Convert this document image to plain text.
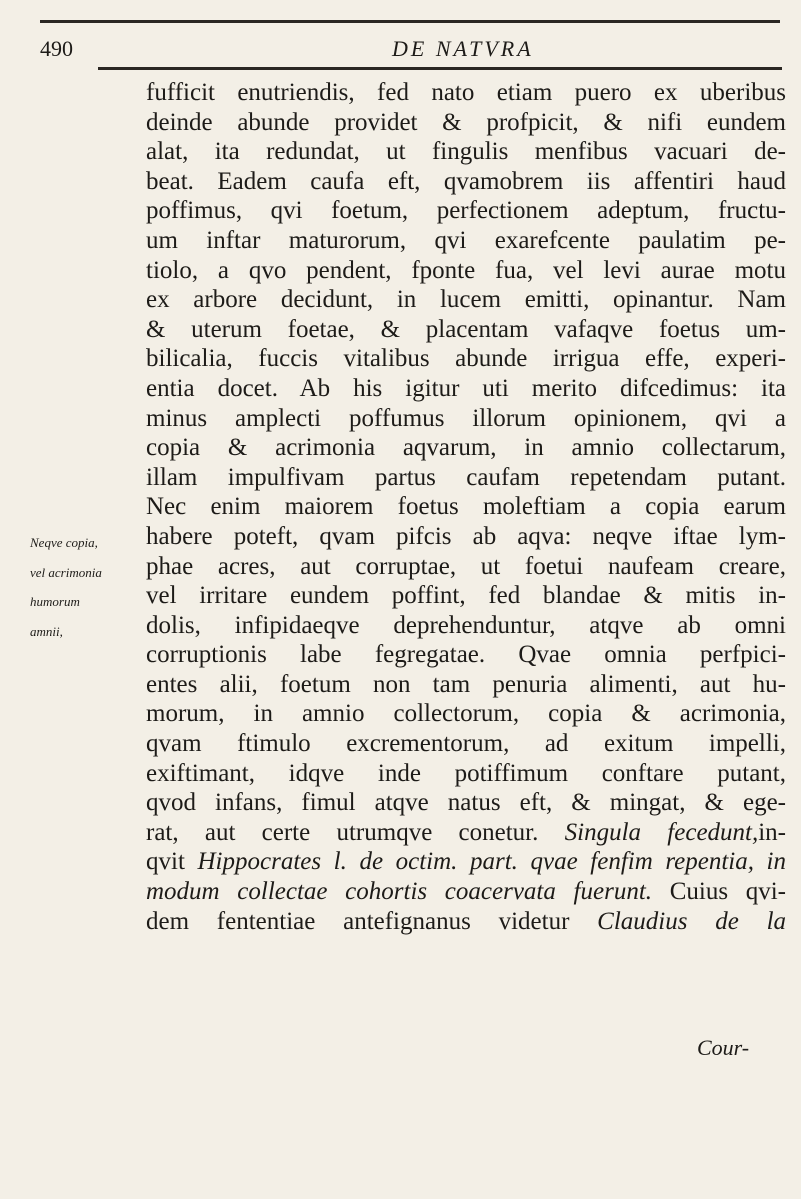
490	DE NATVRA
Neqve copia,
vel acrimonia
humorum
amnii,
fufficit enutriendis, fed nato etiam puero ex uberibus
deinde abunde providet & profpicit, & nifi eundem
alat, ita redundat, ut fingulis menfibus vacuari de-
beat. Eadem caufa eft, qvamobrem iis affentiri haud
poffimus, qvi foetum, perfectionem adeptum, fructu-
um inftar maturorum, qvi exarefcente paulatim pe-
tiolo, a qvo pendent, fponte fua, vel levi aurae motu
ex arbore decidunt, in lucem emitti, opinantur. Nam
& uterum foetae, & placentam vafaqve foetus um-
bilicalia, fuccis vitalibus abunde irrigua effe, experi-
entia docet. Ab his igitur uti merito difcedimus: ita
minus amplecti poffumus illorum opinionem, qvi a
copia & acrimonia aqvarum, in amnio collectarum,
illam impulfivam partus caufam repetendam putant.
Nec enim maiorem foetus moleftiam a copia earum
habere poteft, qvam pifcis ab aqva: neqve iftae lym-
phae acres, aut corruptae, ut foetui naufeam creare,
vel irritare eundem poffint, fed blandae & mitis in-
dolis, infipidaeqve deprehenduntur, atqve ab omni
corruptionis labe fegregatae. Qvae omnia perfpici-
entes alii, foetum non tam penuria alimenti, aut hu-
morum, in amnio collectorum, copia & acrimonia,
qvam ftimulo excrementorum, ad exitum impelli,
exiftimant, idqve inde potiffimum conftare putant,
qvod infans, fimul atqve natus eft, & mingat, & ege-
rat, aut certe utrumqve conetur. Singula fecedunt,in-
qvit Hippocrates l. de octim. part. qvae fenfim repentia, in
modum collectae cohortis coacervata fuerunt. Cuius qvi-
dem fententiae antefignanus videtur Claudius de la
Cour-
